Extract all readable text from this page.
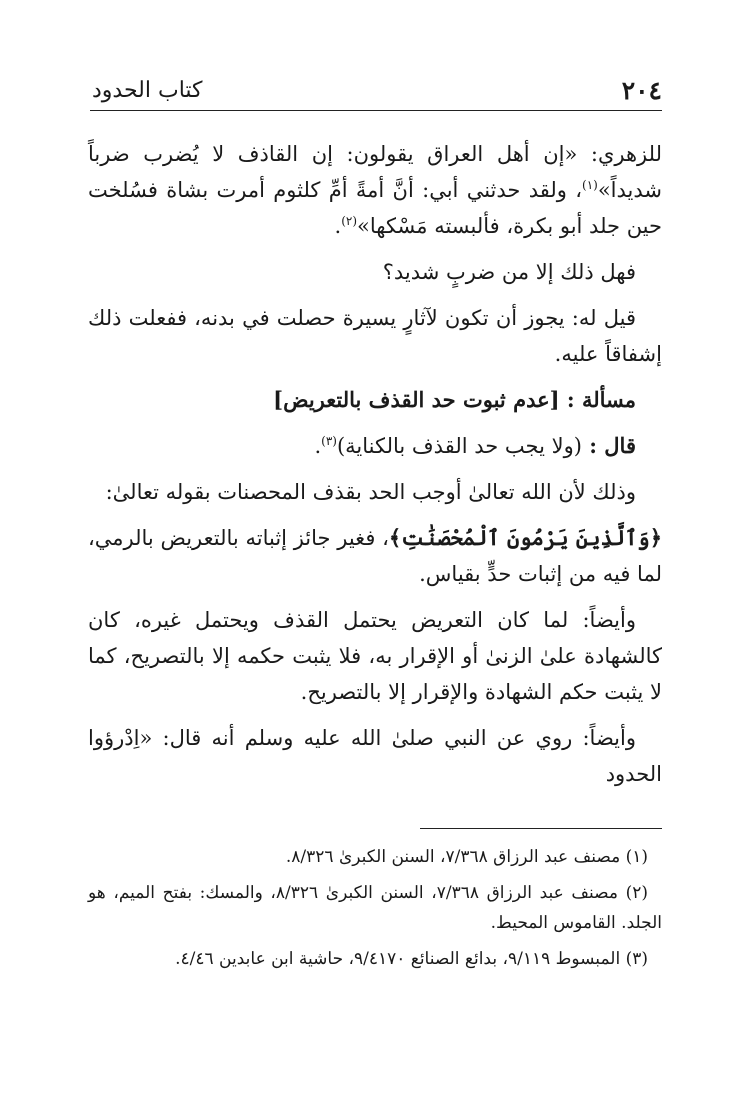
٢٠٤
كتاب الحدود

للزهري: «إن أهل العراق يقولون: إن القاذف لا يُضرب ضرباً شديداً»$^{(١)}$، ولقد حدثني أبي: أنَّ أمةً أمِّ كلثوم أمرت بشاة فسُلخت حين جلد أبو بكرة، فألبسته مَسْكها»$^{(٢)}$.

فهل ذلك إلا من ضربٍ شديد؟

قيل له: يجوز أن تكون لآثارٍ يسيرة حصلت في بدنه، ففعلت ذلك إشفاقاً عليه.

مسألة : [عدم ثبوت حد القذف بالتعريض]

قال : (ولا يجب حد القذف بالكناية)$^{(٣)}$.

وذلك لأن الله تعالىٰ أوجب الحد بقذف المحصنات بقوله تعالىٰ:

﴿وَٱلَّذِينَ يَرْمُونَ ٱلْمُحْصَنَٰتِ﴾، فغير جائز إثباته بالتعريض بالرمي، لما فيه من إثبات حدٍّ بقياس.

وأيضاً: لما كان التعريض يحتمل القذف ويحتمل غيره، كان كالشهادة علىٰ الزنىٰ أو الإقرار به، فلا يثبت حكمه إلا بالتصريح، كما لا يثبت حكم الشهادة والإقرار إلا بالتصريح.

وأيضاً: روي عن النبي صلىٰ الله عليه وسلم أنه قال: «اِدْرؤوا الحدود

(١) مصنف عبد الرزاق ٧/٣٦٨، السنن الكبرىٰ ٨/٣٢٦.

(٢) مصنف عبد الرزاق ٧/٣٦٨، السنن الكبرىٰ ٨/٣٢٦، والمسك: بفتح الميم، هو الجلد. القاموس المحيط.

(٣) المبسوط ٩/١١٩، بدائع الصنائع ٩/٤١٧٠، حاشية ابن عابدين ٤/٤٦.
